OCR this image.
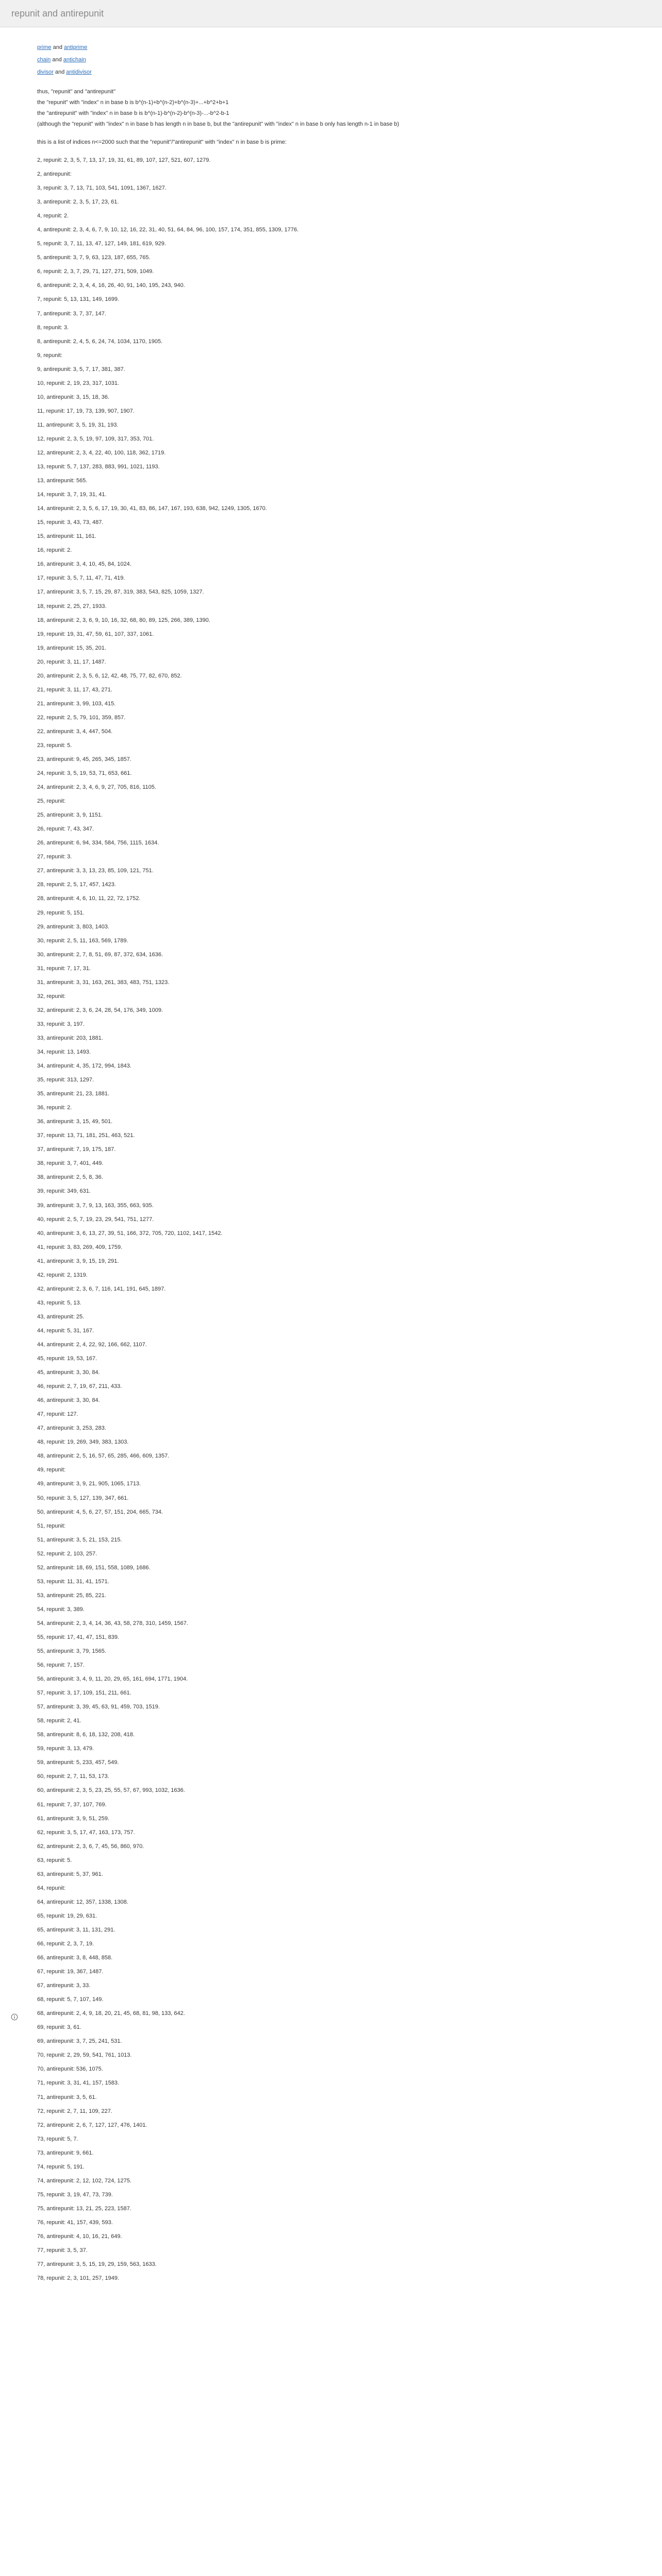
repunit and antirepunit

prime and antiprime

chain and antichain

divisor and antidivisor

thus, "repunit" and "antirepunit"

the "repunit" with "index" n in base b is b^(n-1)+b^(n-2)+b^(n-3)+...+b^2+b+1

the "antirepunit" with "index" n in base b is b^(n-1)-b^(n-2)-b^(n-3)-...-b^2-b-1

(although the "repunit" with "index" n in base b has length n in base b, but the "antirepunit" with "index" n in base b only has length n-1 in base b)

this is a list of indices n<=2000 such that the "repunit"/"antirepunit" with "index" n in base b is prime:

2, repunit: 2, 3, 5, 7, 13, 17, 19, 31, 61, 89, 107, 127, 521, 607, 1279.

2, antirepunit:

3, repunit: 3, 7, 13, 71, 103, 541, 1091, 1367, 1627.

3, antirepunit: 2, 3, 5, 17, 23, 61.

4, repunit: 2.

4, antirepunit: 2, 3, 4, 6, 7, 9, 10, 12, 16, 22, 31, 40, 51, 64, 84, 96, 100, 157, 174, 351, 855, 1309, 1776.

5, repunit: 3, 7, 11, 13, 47, 127, 149, 181, 619, 929.

5, antirepunit: 3, 7, 9, 63, 123, 187, 655, 765.

6, repunit: 2, 3, 7, 29, 71, 127, 271, 509, 1049.

6, antirepunit: 2, 3, 4, 4, 16, 26, 40, 91, 140, 195, 243, 940.

7, repunit: 5, 13, 131, 149, 1699.

7, antirepunit: 3, 7, 37, 147.

8, repunit: 3.

8, antirepunit: 2, 4, 5, 6, 24, 74, 1034, 1170, 1905.

9, repunit:

9, antirepunit: 3, 5, 7, 17, 381, 387.

10, repunit: 2, 19, 23, 317, 1031.

10, antirepunit: 3, 15, 18, 36.

11, repunit: 17, 19, 73, 139, 907, 1907.

11, antirepunit: 3, 5, 19, 31, 193.

12, repunit: 2, 3, 5, 19, 97, 109, 317, 353, 701.

12, antirepunit: 2, 3, 4, 22, 40, 100, 118, 362, 1719.

13, repunit: 5, 7, 137, 283, 883, 991, 1021, 1193.

13, antirepunit: 565.

14, repunit: 3, 7, 19, 31, 41.

14, antirepunit: 2, 3, 5, 6, 17, 19, 30, 41, 83, 86, 147, 167, 193, 638, 942, 1249, 1305, 1670.

15, repunit: 3, 43, 73, 487.

15, antirepunit: 11, 161.

16, repunit: 2.

16, antirepunit: 3, 4, 10, 45, 84, 1024.

17, repunit: 3, 5, 7, 11, 47, 71, 419.

17, antirepunit: 3, 5, 7, 15, 29, 87, 319, 383, 543, 825, 1059, 1327.

18, repunit: 2, 25, 27, 1933.

18, antirepunit: 2, 3, 6, 9, 10, 16, 32, 68, 80, 89, 125, 266, 389, 1390.

19, repunit: 19, 31, 47, 59, 61, 107, 337, 1061.

19, antirepunit: 15, 35, 201.

20, repunit: 3, 11, 17, 1487.

20, antirepunit: 2, 3, 5, 6, 12, 42, 48, 75, 77, 82, 670, 852.

21, repunit: 3, 11, 17, 43, 271.

21, antirepunit: 3, 99, 103, 415.

22, repunit: 2, 5, 79, 101, 359, 857.

22, antirepunit: 3, 4, 447, 504.

23, repunit: 5.

23, antirepunit: 9, 45, 265, 345, 1857.

24, repunit: 3, 5, 19, 53, 71, 653, 661.

24, antirepunit: 2, 3, 4, 6, 9, 27, 705, 816, 1105.

25, repunit:

25, antirepunit: 3, 9, 1151.

26, repunit: 7, 43, 347.

26, antirepunit: 6, 94, 334, 584, 756, 1115, 1634.

27, repunit: 3.

27, antirepunit: 3, 3, 13, 23, 85, 109, 121, 751.

28, repunit: 2, 5, 17, 457, 1423.

28, antirepunit: 4, 6, 10, 11, 22, 72, 1752.

29, repunit: 5, 151.

29, antirepunit: 3, 803, 1403.

30, repunit: 2, 5, 11, 163, 569, 1789.

30, antirepunit: 2, 7, 8, 51, 69, 87, 372, 634, 1636.

31, repunit: 7, 17, 31.

31, antirepunit: 3, 31, 163, 261, 383, 483, 751, 1323.

32, repunit:

32, antirepunit: 2, 3, 6, 24, 28, 54, 176, 349, 1009.

33, repunit: 3, 197.

33, antirepunit: 203, 1881.

34, repunit: 13, 1493.

34, antirepunit: 4, 35, 172, 994, 1843.

35, repunit: 313, 1297.

35, antirepunit: 21, 23, 1881.

36, repunit: 2.

36, antirepunit: 3, 15, 49, 501.

37, repunit: 13, 71, 181, 251, 463, 521.

37, antirepunit: 7, 19, 175, 187.

38, repunit: 3, 7, 401, 449.

38, antirepunit: 2, 5, 8, 36.

39, repunit: 349, 631.

39, antirepunit: 3, 7, 9, 13, 163, 355, 663, 935.

40, repunit: 2, 5, 7, 19, 23, 29, 541, 751, 1277.

40, antirepunit: 3, 6, 13, 27, 39, 51, 166, 372, 705, 720, 1102, 1417, 1542.

41, repunit: 3, 83, 269, 409, 1759.

41, antirepunit: 3, 9, 15, 19, 291.

42, repunit: 2, 1319.

42, antirepunit: 2, 3, 6, 7, 116, 141, 191, 645, 1897.

43, repunit: 5, 13.

43, antirepunit: 25.

44, repunit: 5, 31, 167.

44, antirepunit: 2, 4, 22, 92, 166, 662, 1107.

45, repunit: 19, 53, 167.

45, antirepunit: 3, 30, 84.

46, repunit: 2, 7, 19, 67, 211, 433.

46, antirepunit: 3, 30, 84.

47, repunit: 127.

47, antirepunit: 3, 253, 283.

48, repunit: 19, 269, 349, 383, 1303.

48, antirepunit: 2, 5, 16, 57, 65, 285, 466, 609, 1357.

49, repunit:

49, antirepunit: 3, 9, 21, 905, 1065, 1713.

50, repunit: 3, 5, 127, 139, 347, 661.

50, antirepunit: 4, 5, 6, 27, 57, 151, 204, 665, 734.

51, repunit:

51, antirepunit: 3, 5, 21, 153, 215.

52, repunit: 2, 103, 257.

52, antirepunit: 18, 69, 151, 558, 1089, 1686.

53, repunit: 11, 31, 41, 1571.

53, antirepunit: 25, 85, 221.

54, repunit: 3, 389.

54, antirepunit: 2, 3, 4, 14, 36, 43, 58, 278, 310, 1459, 1567.

55, repunit: 17, 41, 47, 151, 839.

55, antirepunit: 3, 79, 1565.

56, repunit: 7, 157.

56, antirepunit: 3, 4, 9, 11, 20, 29, 65, 161, 694, 1771, 1904.

57, repunit: 3, 17, 109, 151, 211, 661.

57, antirepunit: 3, 39, 45, 63, 91, 459, 703, 1519.

58, repunit: 2, 41.

58, antirepunit: 8, 6, 18, 132, 208, 418.

59, repunit: 3, 13, 479.

59, antirepunit: 5, 233, 457, 549.

60, repunit: 2, 7, 11, 53, 173.

60, antirepunit: 2, 3, 5, 23, 25, 55, 57, 67, 993, 1032, 1636.

61, repunit: 7, 37, 107, 769.

61, antirepunit: 3, 9, 51, 259.

62, repunit: 3, 5, 17, 47, 163, 173, 757.

62, antirepunit: 2, 3, 6, 7, 45, 56, 860, 970.

63, repunit: 5.

63, antirepunit: 5, 37, 961.

64, repunit:

64, antirepunit: 12, 357, 1338, 1308.

65, repunit: 19, 29, 631.

65, antirepunit: 3, 11, 131, 291.

66, repunit: 2, 3, 7, 19.

66, antirepunit: 3, 8, 448, 858.

67, repunit: 19, 367, 1487.

67, antirepunit: 3, 33.

68, repunit: 5, 7, 107, 149.

68, antirepunit: 2, 4, 9, 18, 20, 21, 45, 68, 81, 98, 133, 642.

69, repunit: 3, 61.

69, antirepunit: 3, 7, 25, 241, 531.

70, repunit: 2, 29, 59, 541, 761, 1013.

70, antirepunit: 536, 1075.

71, repunit: 3, 31, 41, 157, 1583.

71, antirepunit: 3, 5, 61.

72, repunit: 2, 7, 11, 109, 227.

72, antirepunit: 2, 6, 7, 127, 127, 476, 1401.

73, repunit: 5, 7.

73, antirepunit: 9, 661.

74, repunit: 5, 191.

74, antirepunit: 2, 12, 102, 724, 1275.

75, repunit: 3, 19, 47, 73, 739.

75, antirepunit: 13, 21, 25, 223, 1587.

76, repunit: 41, 157, 439, 593.

76, antirepunit: 4, 10, 16, 21, 649.

77, repunit: 3, 5, 37.

77, antirepunit: 3, 5, 15, 19, 29, 159, 563, 1633.

78, repunit: 2, 3, 101, 257, 1949.
